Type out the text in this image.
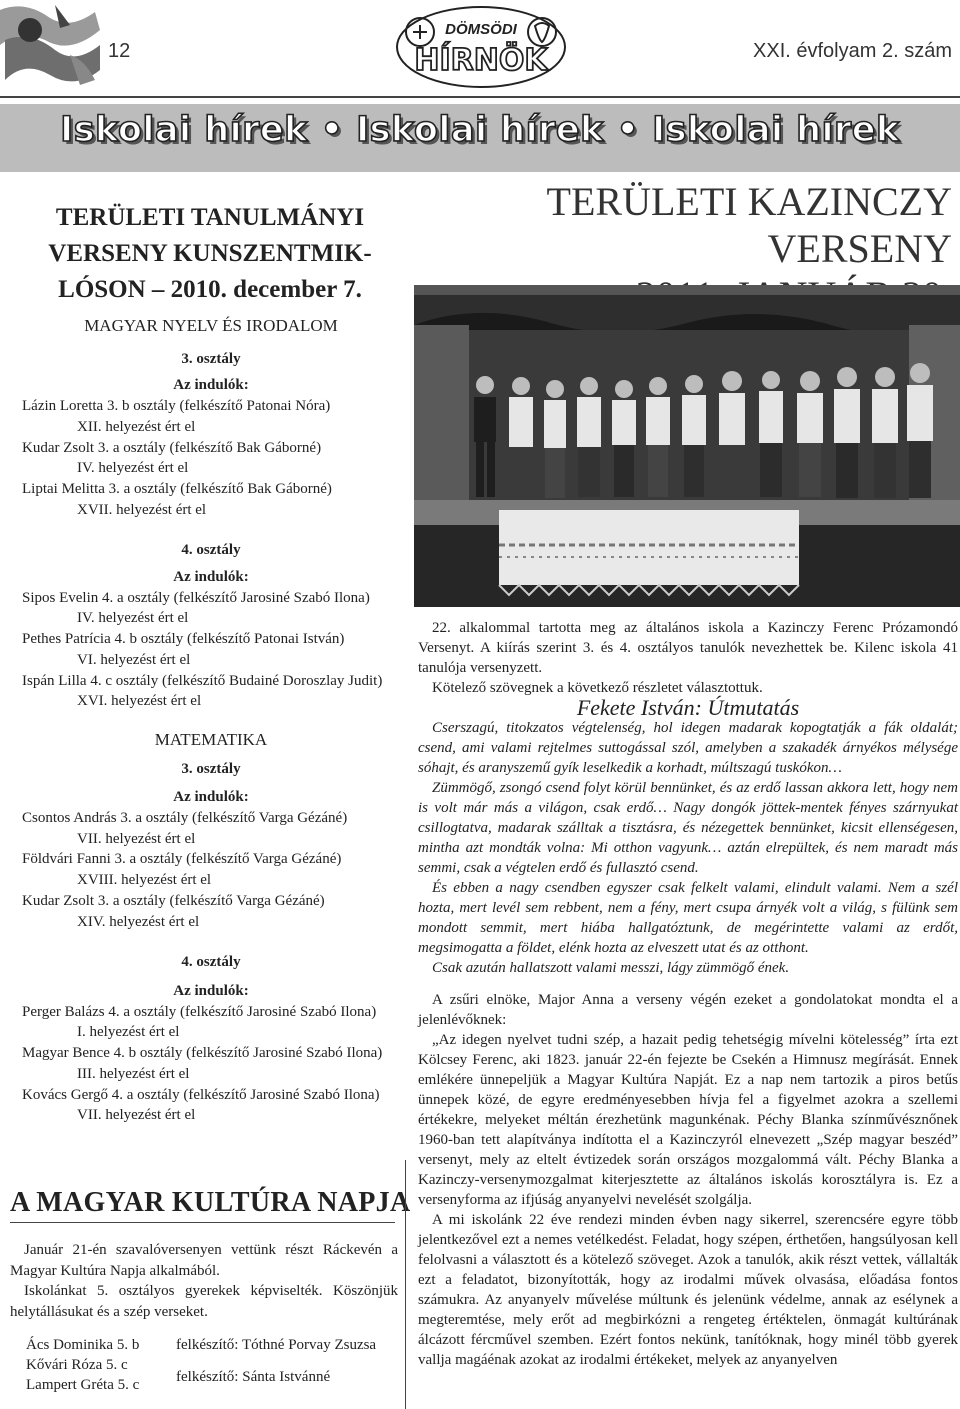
12
DÖMSÖDI
HÍRNÖK	XXI. évfolyam 2. szám
Iskolai hírek • Iskolai hírek • Iskolai hírek
TERÜLETI TANULMÁNYI
VERSENY KUNSZENTMIK-
LÓSON – 2010. december 7.
MAGYAR NYELV ÉS IRODALOM
3. osztály
Az indulók:
Lázin Loretta 3. b osztály (felkészítő Patonai Nóra)
XII. helyezést ért el
Kudar Zsolt 3. a osztály (felkészítő Bak Gáborné)
IV. helyezést ért el
Liptai Melitta 3. a osztály (felkészítő Bak Gáborné)
XVII. helyezést ért el
4. osztály
Az indulók:
Sipos Evelin 4. a osztály (felkészítő Jarosiné Szabó Ilona)
IV. helyezést ért el
Pethes Patrícia 4. b osztály (felkészítő Patonai István)
VI. helyezést ért el
Ispán Lilla 4. c osztály (felkészítő Budainé Doroszlay Judit)
XVI. helyezést ért el
MATEMATIKA
3. osztály
Az indulók:
Csontos András 3. a osztály (felkészítő Varga Gézáné)
VII. helyezést ért el
Földvári Fanni 3. a osztály (felkészítő Varga Gézáné)
XVIII. helyezést ért el
Kudar Zsolt 3. a osztály (felkészítő Varga Gézáné)
XIV. helyezést ért el
4. osztály
Az indulók:
Perger Balázs 4. a osztály (felkészítő Jarosiné Szabó Ilona)
I. helyezést ért el
Magyar Bence 4. b osztály (felkészítő Jarosiné Szabó Ilona)
III. helyezést ért el
Kovács Gergő 4. a osztály (felkészítő Jarosiné Szabó Ilona)
VII. helyezést ért el
A MAGYAR KULTÚRA NAPJA

Január 21-én szavalóversenyen vettünk részt Ráckevén a Magyar Kultúra Napja alkalmából.

Iskolánkat 5. osztályos gyerekek képviselték. Köszönjük helytállásukat és a szép verseket.

Ács Dominika 5. b
Kővári Róza 5. c
Lampert Gréta 5. c
felkészítő: Tóthné Porvay Zsuzsa
felkészítő: Sánta Istvánné
TERÜLETI KAZINCZY VERSENY

22. alkalommal tartotta meg az általános iskola a Kazinczy Ferenc Prózamondó Versenyt. A kiírás szerint 3. és 4. osztályos tanulók nevezhettek be. Kilenc iskola 41 tanulója versenyzett.

Kötelező szövegnek a következő részletet választottuk.

Fekete István: Útmutatás

Cserszagú, titokzatos végtelenség, hol idegen madarak kopogtatják a fák oldalát; csend, ami valami rejtelmes suttogással szól, amelyben a szakadék árnyékos mélysége sóhajt, és aranyszemű gyík leselkedik a korhadt, múltszagú tuskókon…

Zümmögő, zsongó csend folyt körül bennünket, és az erdő lassan akkora lett, hogy nem is volt már más a világon, csak erdő… Nagy dongók jöttek-mentek fényes szárnyukat csillogtatva, madarak szálltak a tisztásra, és nézegettek bennünket, kicsit ellenségesen, mintha azt mondták volna: Mi otthon vagyunk… aztán elrepültek, és nem maradt más semmi, csak a végtelen erdő és fullasztó csend.

És ebben a nagy csendben egyszer csak felkelt valami, elindult valami. Nem a szél hozta, mert levél sem rebbent, nem a fény, mert csupa árnyék volt a világ, s fülünk sem mondott semmit, mert hiába hallgatóztunk, de megérintette valami az erdőt, megsimogatta a földet, elénk hozta az elveszett utat és az otthont.

Csak azután hallatszott valami messzi, lágy zümmögő ének.

A zsűri elnöke, Major Anna a verseny végén ezeket a gondolatokat mondta el a jelenlévőknek:

„Az idegen nyelvet tudni szép, a hazait pedig tehetségig mívelni kötelesség” írta ezt Kölcsey Ferenc, aki 1823. január 22-én fejezte be Csekén a Himnusz megírását. Ennek emlékére ünnepeljük a Magyar Kultúra Napját. Ez a nap nem tartozik a piros betűs ünnepek közé, de egyre eredményesebben hívja fel a figyelmet azokra a szellemi értékekre, melyeket méltán érezhetünk magunkénak. Péchy Blanka színművésznőnek 1960-ban tett alapítványa indította el a Kazinczyról elnevezett „Szép magyar beszéd” versenyt, mely az eltelt évtizedek során országos mozgalommá vált. Péchy Blanka a Kazinczy-versenymozgalmat kiterjesztette az általános iskolás korosztályra is. Ez a versenyforma az ifjúság anyanyelvi nevelését szolgálja.

A mi iskolánk 22 éve rendezi minden évben nagy sikerrel, szerencsére egyre több jelentkezővel ezt a nemes vetélkedést. Feladat, hogy szépen, érthetően, hangsúlyosan kell felolvasni a választott és a kötelező szöveget. Azok a tanulók, akik részt vettek, vállalták ezt a feladatot, bizonyították, hogy az irodalmi művek olvasása, előadása fontos számukra. Az anyanyelv művelése múltunk és jelenünk védelme, annak az esélynek a megteremtése, mely erőt ad megbirkózni a rengeteg értéktelen, önmagát kultúrának álcázott fércművel szemben. Ezért fontos nekünk, tanítóknak, hogy minél több gyerek vallja magáénak azokat az irodalmi értékeket, melyek az anyanyelven
